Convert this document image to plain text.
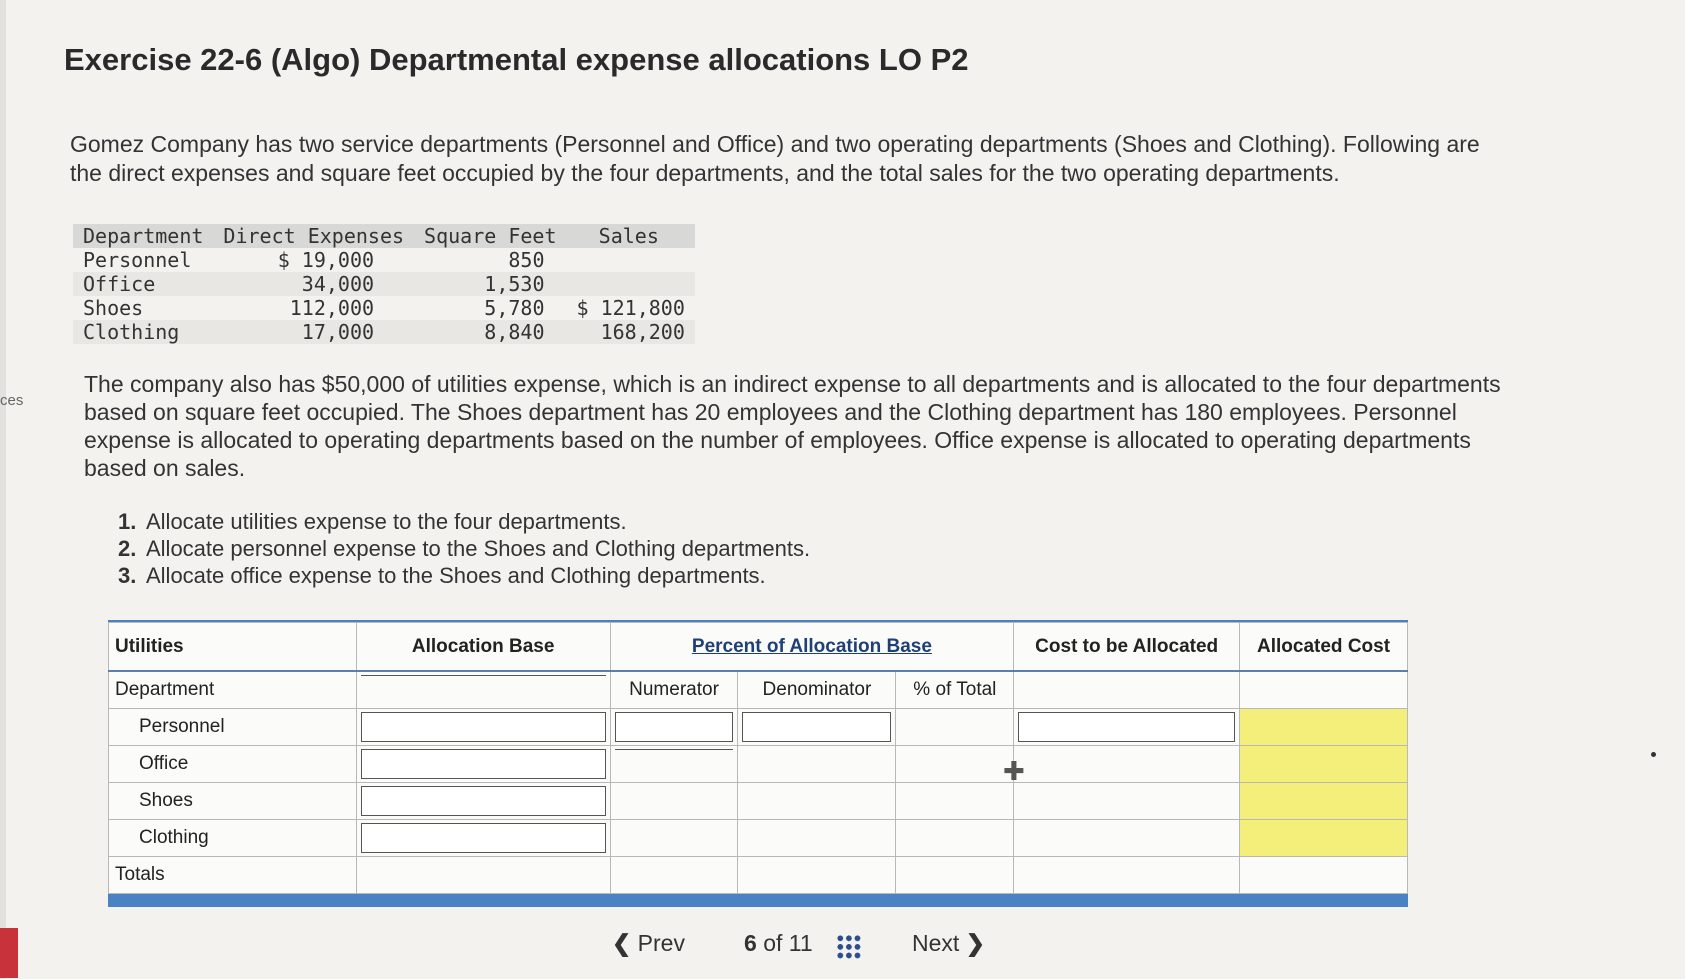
ces
Exercise 22-6 (Algo) Departmental expense allocations LO P2

Gomez Company has two service departments (Personnel and Office) and two operating departments (Shoes and Clothing). Following are the direct expenses and square feet occupied by the four departments, and the total sales for the two operating departments.

Department	Direct Expenses	Square Feet	Sales
Personnel	$ 19,000	850	
Office	34,000	1,530	
Shoes	112,000	5,780	$ 121,800
Clothing	17,000	8,840	168,200

The company also has $50,000 of utilities expense, which is an indirect expense to all departments and is allocated to the four departments based on square feet occupied. The Shoes department has 20 employees and the Clothing department has 180 employees. Personnel expense is allocated to operating departments based on the number of employees. Office expense is allocated to operating departments based on sales.

1. Allocate utilities expense to the four departments.
2. Allocate personnel expense to the Shoes and Clothing departments.
3. Allocate office expense to the Shoes and Clothing departments.
Utilities	Allocation Base	Percent of Allocation Base			Cost to be Allocated	Allocated Cost
Department		Numerator	Denominator	% of Total		
Personnel	

Office	

Shoes	

Clothing	

Totals						

✚
❮ Prev	6 of 11	Next ❯
